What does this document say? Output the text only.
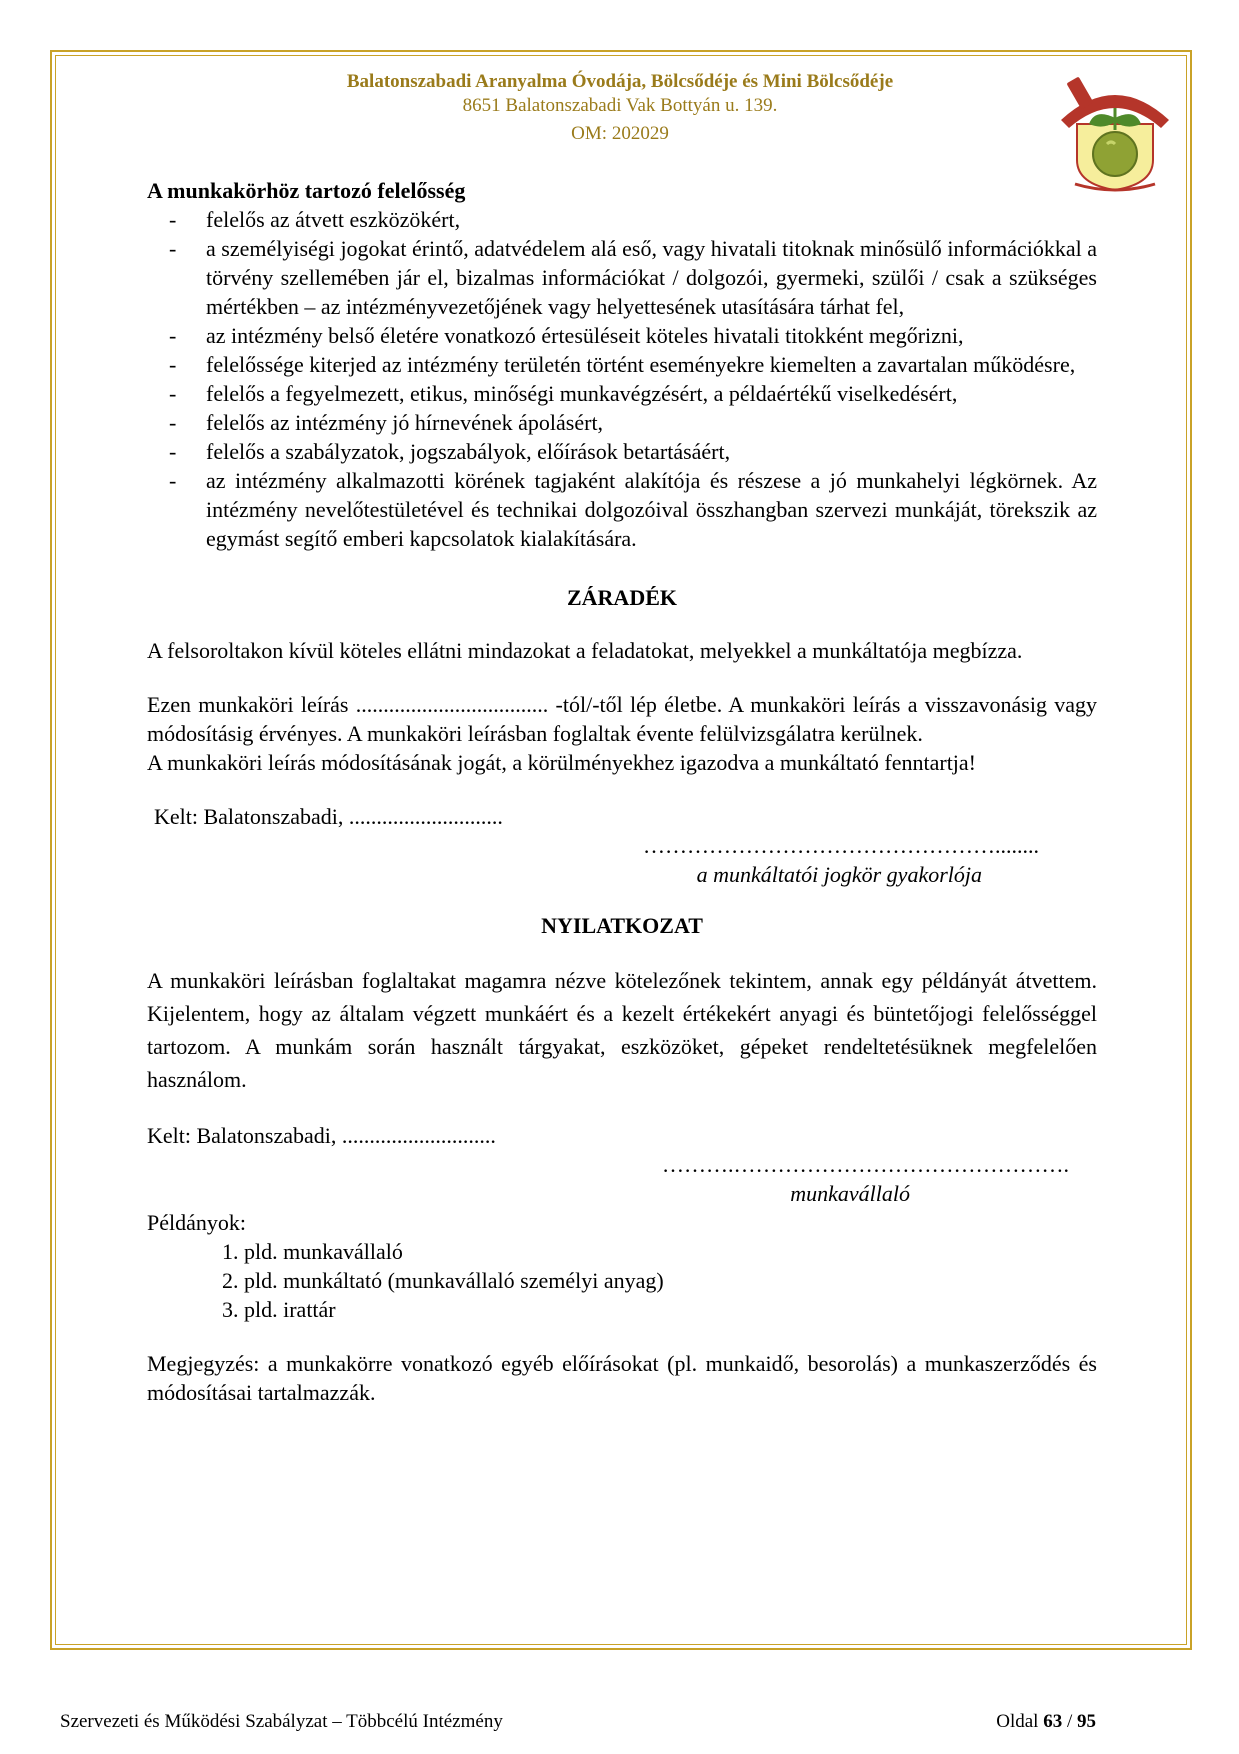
Balatonszabadi Aranyalma Óvodája, Bölcsődéje és Mini Bölcsődéje
8651 Balatonszabadi Vak Bottyán u. 139.
OM: 202029
A munkakörhöz tartozó felelősség
- felelős az átvett eszközökért,
- a személyiségi jogokat érintő, adatvédelem alá eső, vagy hivatali titoknak minősülő információkkal a törvény szellemében jár el, bizalmas információkat / dolgozói, gyermeki, szülői / csak a szükséges mértékben – az intézményvezetőjének vagy helyettesének utasítására tárhat fel,
- az intézmény belső életére vonatkozó értesüléseit köteles hivatali titokként megőrizni,
- felelőssége kiterjed az intézmény területén történt eseményekre kiemelten a zavartalan működésre,
- felelős a fegyelmezett, etikus, minőségi munkavégzésért, a példaértékű viselkedésért,
- felelős az intézmény jó hírnevének ápolásért,
- felelős a szabályzatok, jogszabályok, előírások betartásáért,
- az intézmény alkalmazotti körének tagjaként alakítója és részese a jó munkahelyi légkörnek. Az intézmény nevelőtestületével és technikai dolgozóival összhangban szervezi munkáját, törekszik az egymást segítő emberi kapcsolatok kialakítására.
ZÁRADÉK
A felsoroltakon kívül köteles ellátni mindazokat a feladatokat, melyekkel a munkáltatója megbízza.
Ezen munkaköri leírás ................................... -tól/-től lép életbe. A munkaköri leírás a visszavonásig vagy módosításig érvényes. A munkaköri leírásban foglaltak évente felülvizsgálatra kerülnek.
A munkaköri leírás módosításának jogát, a körülményekhez igazodva a munkáltató fenntartja!
Kelt: Balatonszabadi, ............................
…………………………………………........
a munkáltatói jogkör gyakorlója
NYILATKOZAT
A munkaköri leírásban foglaltakat magamra nézve kötelezőnek tekintem, annak egy példányát átvettem. Kijelentem, hogy az általam végzett munkáért és a kezelt értékekért anyagi és büntetőjogi felelősséggel tartozom. A munkám során használt tárgyakat, eszközöket, gépeket rendeltetésüknek megfelelően használom.
Kelt: Balatonszabadi, ............................
……….……………………………………….
munkavállaló
Példányok:
1. pld. munkavállaló
2. pld. munkáltató (munkavállaló személyi anyag)
3. pld. irattár
Megjegyzés: a munkakörre vonatkozó egyéb előírásokat (pl. munkaidő, besorolás) a munkaszerződés és módosításai tartalmazzák.
Szervezeti és Működési Szabályzat – Többcélú Intézmény	Oldal 63 / 95
